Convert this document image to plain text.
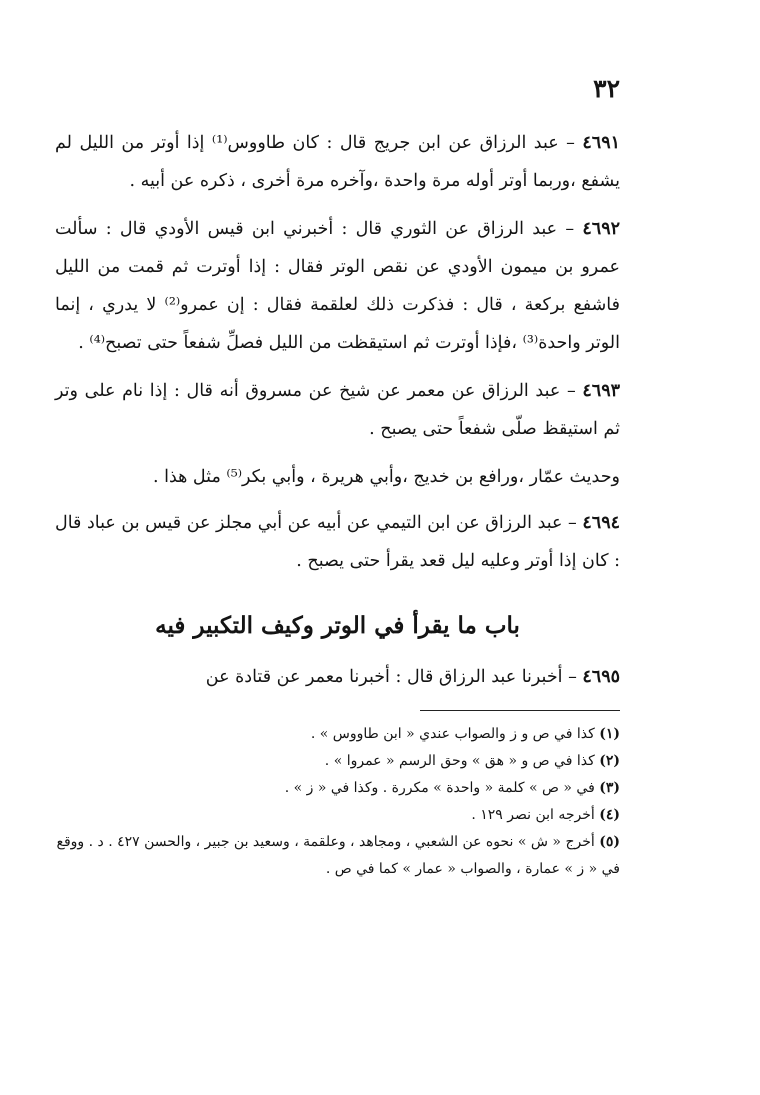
٣٢

٤٦٩١ – عبد الرزاق عن ابن جريج قال : كان طاووس⁽¹⁾ إذا أوتر من الليل لم يشفع ،وربما أوتر أوله مرة واحدة ،وآخره مرة أخرى ، ذكره عن أبيه .

٤٦٩٢ – عبد الرزاق عن الثوري قال : أخبرني ابن قيس الأودي قال : سألت عمرو بن ميمون الأودي عن نقص الوتر فقال : إذا أوترت ثم قمت من الليل فاشفع بركعة ، قال : فذكرت ذلك لعلقمة فقال : إن عمرو⁽²⁾ لا يدري ، إنما الوتر واحدة⁽³⁾ ،فإذا أوترت ثم استيقظت من الليل فصلِّ شفعاً حتى تصبح⁽⁴⁾ .

٤٦٩٣ – عبد الرزاق عن معمر عن شيخ عن مسروق أنه قال : إذا نام على وتر ثم استيقظ صلّى شفعاً حتى يصبح .

وحديث عمّار ،ورافع بن خديج ،وأبي هريرة ، وأبي بكر⁽⁵⁾ مثل هذا .

٤٦٩٤ – عبد الرزاق عن ابن التيمي عن أبيه عن أبي مجلز عن قيس بن عباد قال : كان إذا أوتر وعليه ليل قعد يقرأ حتى يصبح .

باب ما يقرأ في الوتر وكيف التكبير فيه

٤٦٩٥ – أخبرنا عبد الرزاق قال : أخبرنا معمر عن قتادة عن

(١) كذا في ص و ز والصواب عندي « ابن طاووس » .

(٢) كذا في ص و « هق » وحق الرسم « عمروا » .

(٣) في « ص » كلمة « واحدة » مكررة . وكذا في « ز » .

(٤) أخرجه ابن نصر ١٢٩ .

(٥) أخرج « ش » نحوه عن الشعبي ، ومجاهد ، وعلقمة ، وسعيد بن جبير ، والحسن ٤٢٧ . د . ووقع في « ز » عمارة ، والصواب « عمار » كما في ص .
